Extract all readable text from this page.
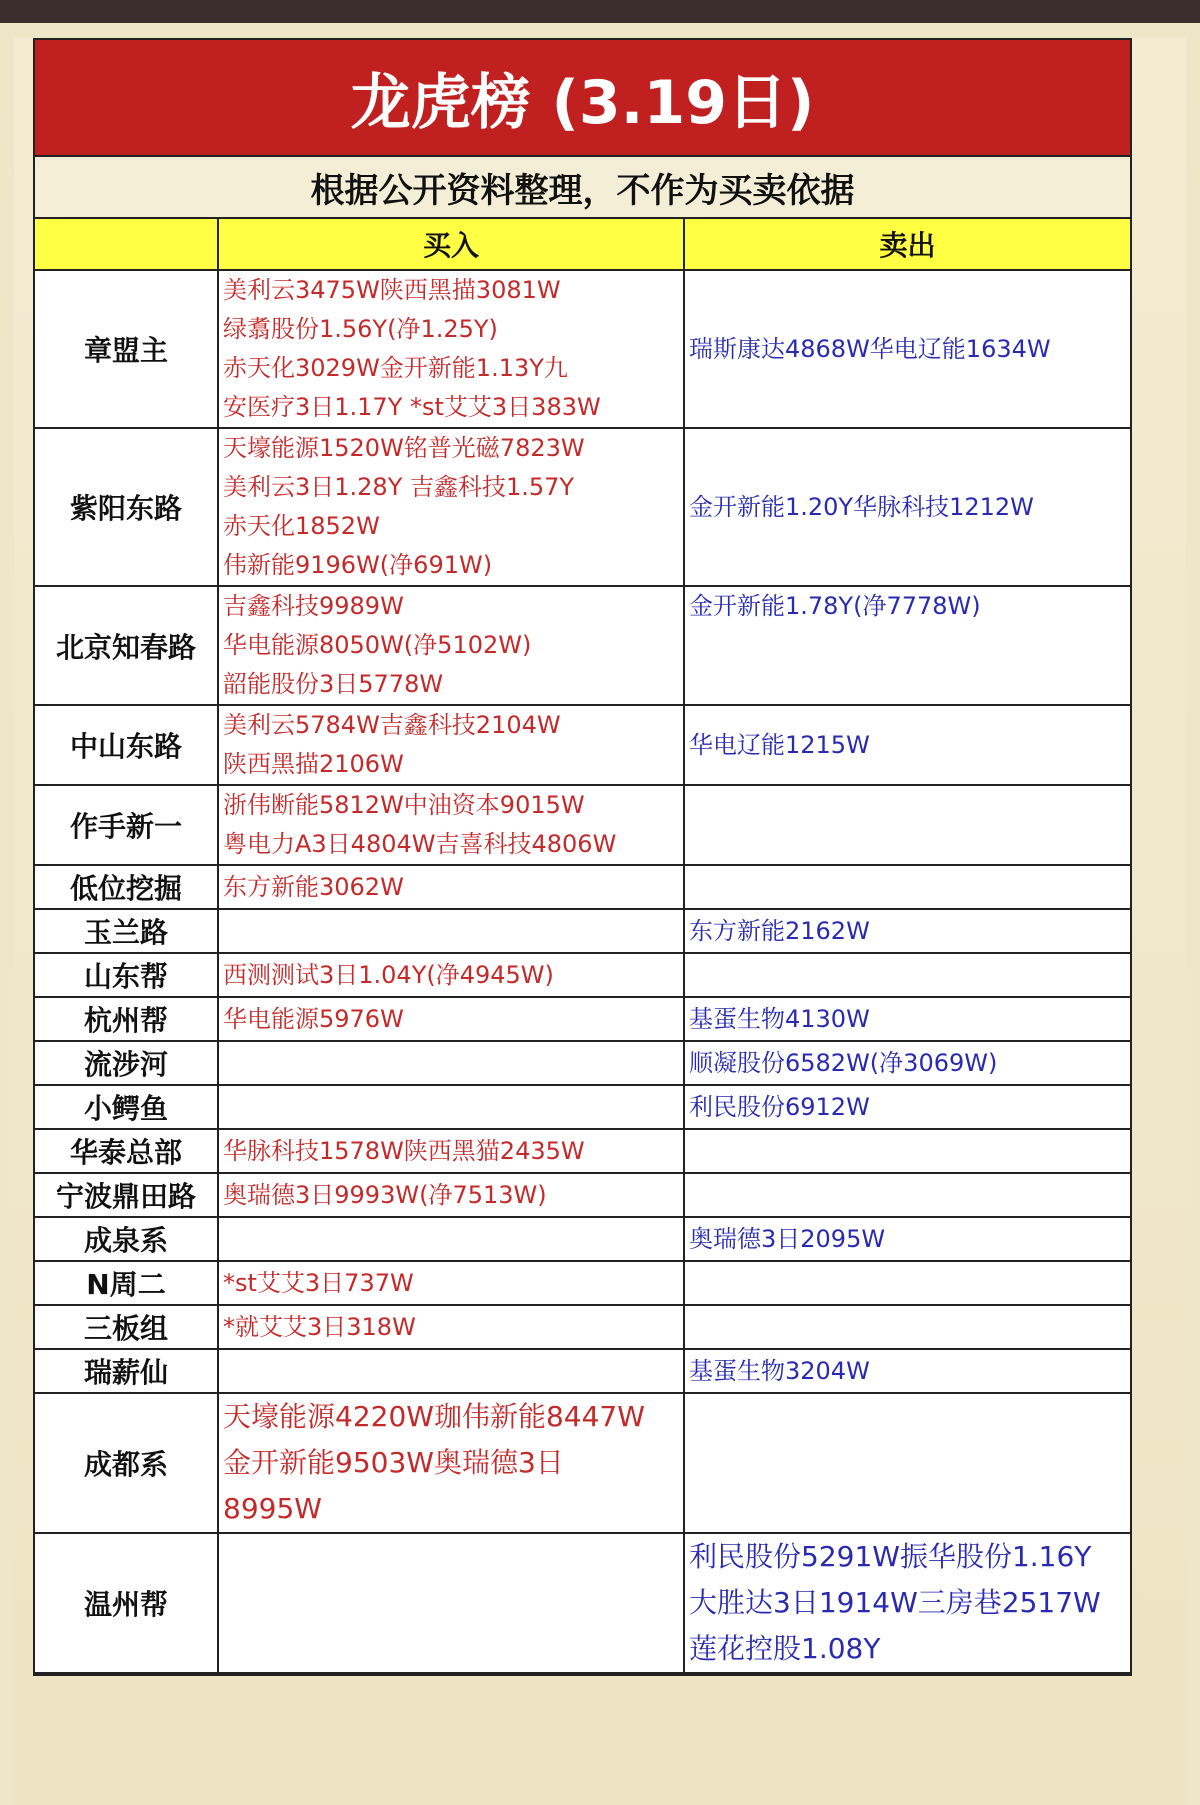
龙虎榜 (3.19日)
根据公开资料整理，不作为买卖依据
	买入	卖出
章盟主	美利云3475W陕西黑描3081W
绿翥股份1.56Y(净1.25Y)
赤天化3029W金开新能1.13Y九
安医疗3日1.17Y *st艾艾3日383W	瑞斯康达4868W华电辽能1634W

紫阳东路	天壕能源1520W铭普光磁7823W
美利云3日1.28Y 吉鑫科技1.57Y
赤天化1852W
伟新能9196W(净691W)	金开新能1.20Y华脉科技1212W

北京知春路	吉鑫科技9989W
华电能源8050W(净5102W)
韶能股份3日5778W	金开新能1.78Y(净7778W)

中山东路	美利云5784W吉鑫科技2104W
陕西黑描2106W	华电辽能1215W

作手新一	浙伟断能5812W中油资本9015W
粤电力A3日4804W吉喜科技4806W	

低位挖掘	东方新能3062W	

玉兰路		东方新能2162W

山东帮	西测测试3日1.04Y(净4945W)	

杭州帮	华电能源5976W	基蛋生物4130W

流涉河		顺凝股份6582W(净3069W)

小鳄鱼		利民股份6912W

华泰总部	华脉科技1578W陕西黑猫2435W	

宁波鼎田路	奥瑞德3日9993W(净7513W)	

成泉系		奥瑞德3日2095W

N周二	*st艾艾3日737W	

三板组	*就艾艾3日318W	

瑞薪仙		基蛋生物3204W

成都系	天壕能源4220W珈伟新能8447W
金开新能9503W奥瑞德3日
8995W	

温州帮		利民股份5291W振华股份1.16Y
大胜达3日1914W三房巷2517W
莲花控股1.08Y
